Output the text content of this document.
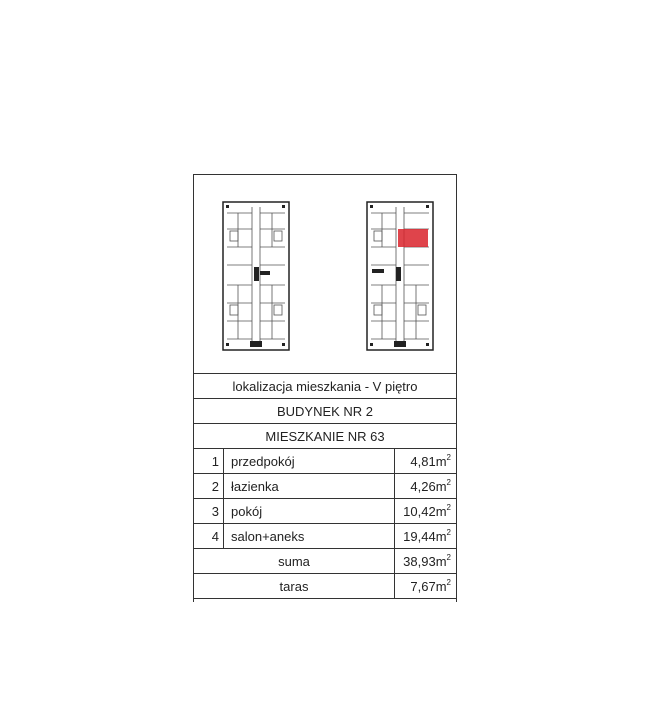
lokalizacja mieszkania - V piętro
BUDYNEK NR 2
MIESZKANIE NR 63
1 przedpokój	$4,81m^2$
2 łazienka	$4,26m^2$
3 pokój	$10,42m^2$
4 salon+aneks	$19,44m^2$
suma	$38,93m^2$
taras	$7,67m^2$
